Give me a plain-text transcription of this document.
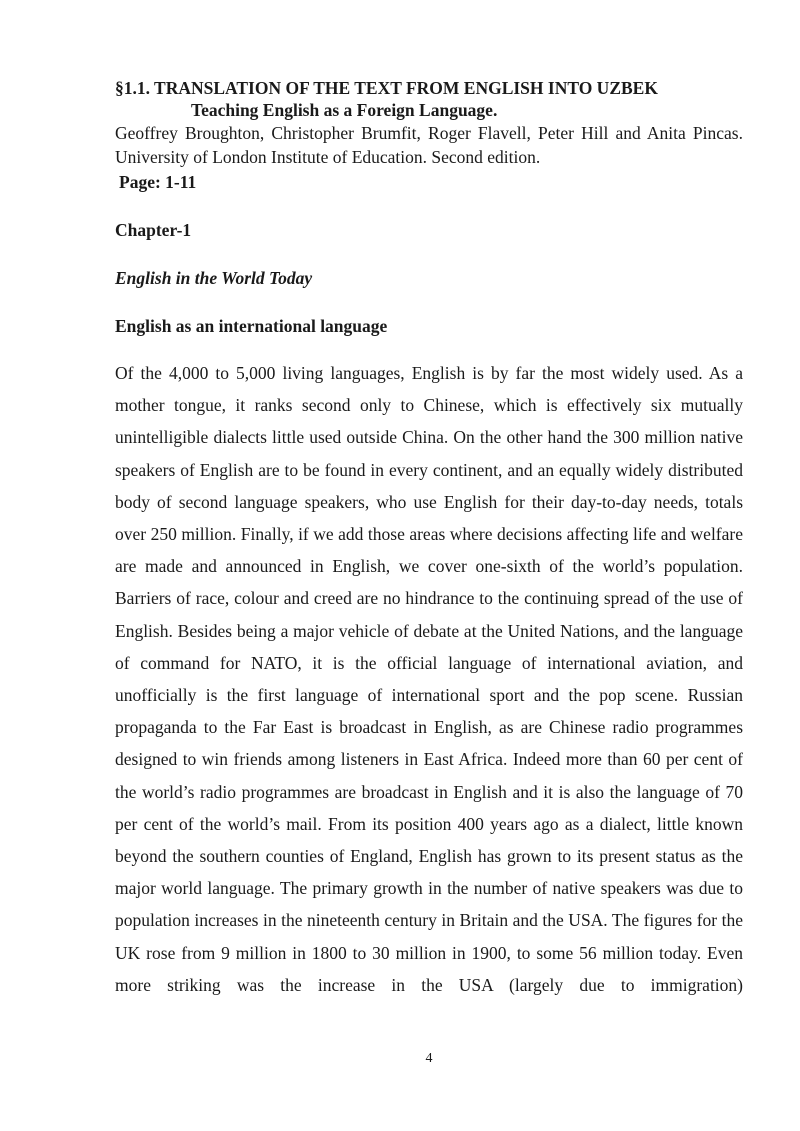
§1.1. TRANSLATION OF THE TEXT FROM ENGLISH INTO UZBEK

Teaching English as a Foreign Language.

Geoffrey Broughton, Christopher Brumfit, Roger Flavell, Peter Hill and Anita Pincas. University of London Institute of Education. Second edition.

Page: 1-11

Chapter-1

English in the World Today

English as an international language

Of the 4,000 to 5,000 living languages, English is by far the most widely used. As a mother tongue, it ranks second only to Chinese, which is effectively six mutually unintelligible dialects little used outside China. On the other hand the 300 million native speakers of English are to be found in every continent, and an equally widely distributed body of second language speakers, who use English for their day-to-day needs, totals over 250 million. Finally, if we add those areas where decisions affecting life and welfare are made and announced in English, we cover one-sixth of the world’s population. Barriers of race, colour and creed are no hindrance to the continuing spread of the use of English. Besides being a major vehicle of debate at the United Nations, and the language of command for NATO, it is the official language of international aviation, and unofficially is the first language of international sport and the pop scene. Russian propaganda to the Far East is broadcast in English, as are Chinese radio programmes designed to win friends among listeners in East Africa. Indeed more than 60 per cent of the world’s radio programmes are broadcast in English and it is also the language of 70 per cent of the world’s mail. From its position 400 years ago as a dialect, little known beyond the southern counties of England, English has grown to its present status as the major world language. The primary growth in the number of native speakers was due to population increases in the nineteenth century in Britain and the USA. The figures for the UK rose from 9 million in 1800 to 30 million in 1900, to some 56 million today. Even more striking was the increase in the USA (largely due to immigration)

4
